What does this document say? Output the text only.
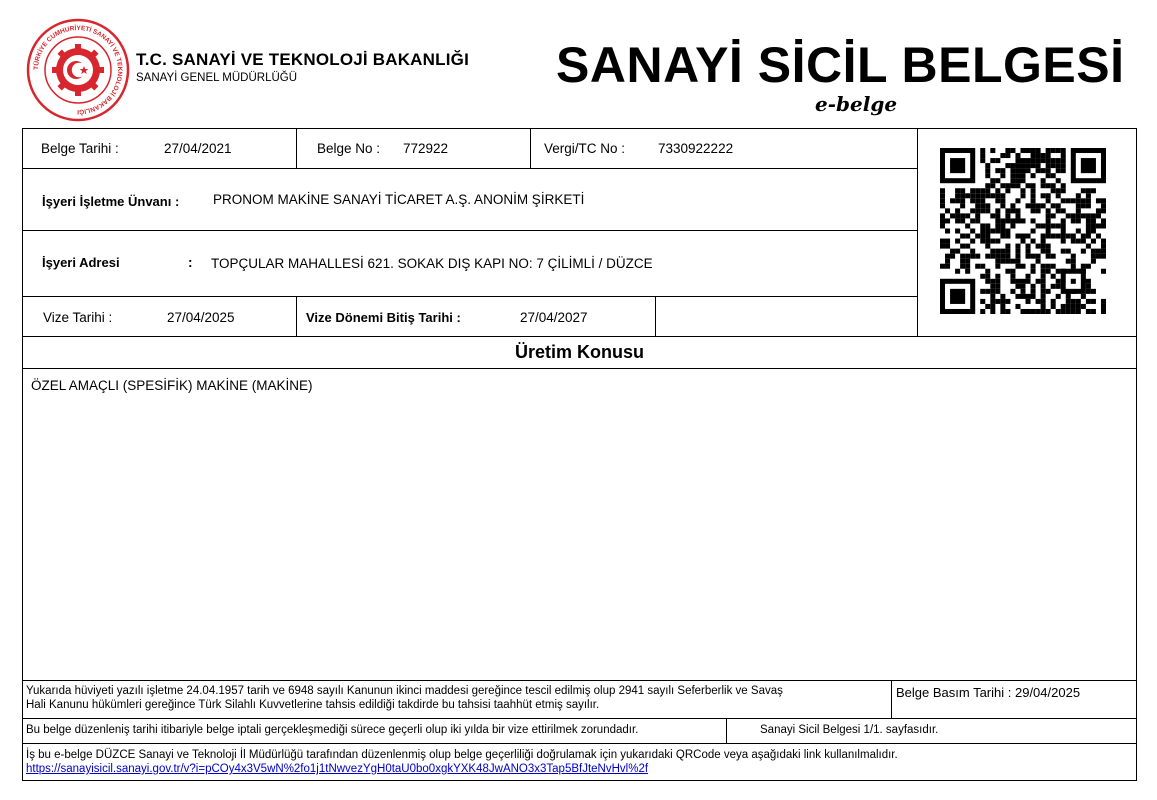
TÜRKİYE CUMHURİYETİ SANAYİ VE TEKNOLOJİ BAKANLIĞI
T.C. SANAYİ VE TEKNOLOJİ BAKANLIĞI
SANAYİ GENEL MÜDÜRLÜĞÜ	SANAYİ SİCİL BELGESİ
e-belge
Belge Tarihi :	27/04/2021	Belge No : 772922	Vergi/TC No : 7330922222
İşyeri İşletme Ünvanı : PRONOM MAKİNE SANAYİ TİCARET A.Ş. ANONİM ŞİRKETİ
İşyeri Adresi	: TOPÇULAR MAHALLESİ 621. SOKAK DIŞ KAPI NO: 7 ÇİLİMLİ / DÜZCE
Vize Tarihi :	27/04/2025	Vize Dönemi Bitiş Tarihi :	27/04/2027
Üretim Konusu
ÖZEL AMAÇLI (SPESİFİK) MAKİNE (MAKİNE)
Yukarıda hüviyeti yazılı işletme 24.04.1957 tarih ve 6948 sayılı Kanunun ikinci maddesi gereğince tescil edilmiş olup 2941 sayılı Seferberlik ve Savaş
Hali Kanunu hükümleri gereğince Türk Silahlı Kuvvetlerine tahsis edildiği takdirde bu tahsisi taahhüt etmiş sayılır.
Belge Basım Tarihi : 29/04/2025
Bu belge düzenleniş tarihi itibariyle belge iptali gerçekleşmediği sürece geçerli olup iki yılda bir vize ettirilmek zorundadır.	Sanayi Sicil Belgesi 1/1. sayfasıdır.
İş bu e-belge DÜZCE Sanayi ve Teknoloji İl Müdürlüğü tarafından düzenlenmiş olup belge geçerliliği doğrulamak için yukarıdaki QRCode veya aşağıdaki link kullanılmalıdır.
https://sanayisicil.sanayi.gov.tr/v?i=pCOy4x3V5wN%2fo1j1tNwvezYgH0taU0bo0xgkYXK48JwANO3x3Tap5BfJteNvHvl%2f
